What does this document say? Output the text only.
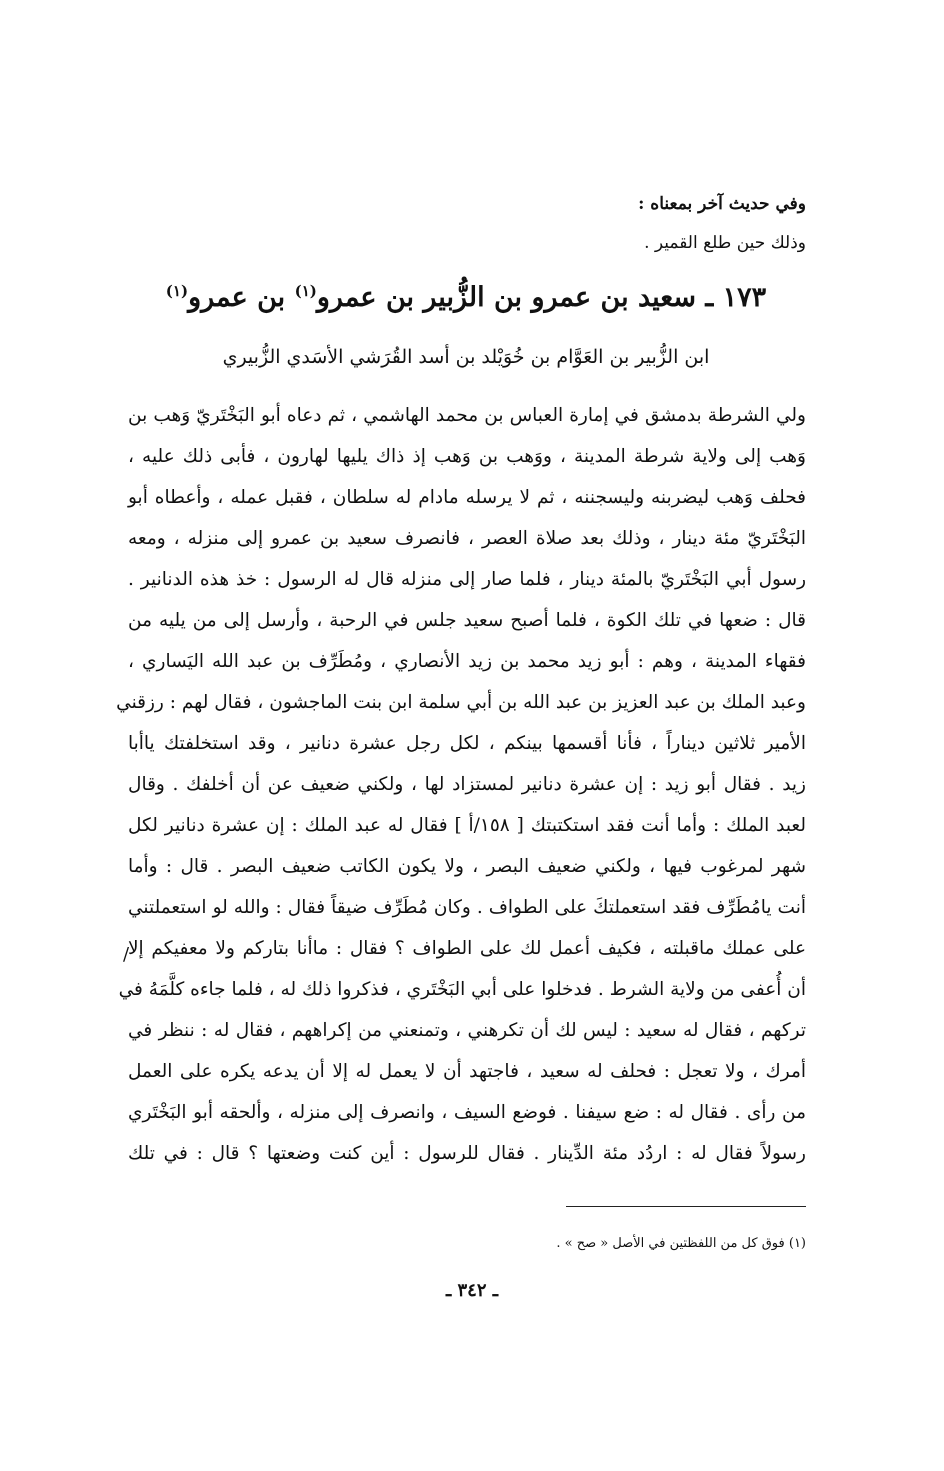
وفي حديث آخر بمعناه :
وذلك حين طلع القمير .
١٧٣ ـ سعيد بن عمرو بن الزُّبير بن عمرو$^{(١)}$ بن عمرو$^{(١)}$
ابن الزُّبير بن العَوَّام بن خُوَيْلد بن أسد القُرَشي الأسَدي الزُّبيري
ولي الشرطة بدمشق في إمارة العباس بن محمد الهاشمي ، ثم دعاه أبو البَخْتَريّ وَهب بن
وَهب إلى ولاية شرطة المدينة ، ووَهب بن وَهب إذ ذاك يليها لهارون ، فأبى ذلك عليه ،
فحلف وَهب ليضربنه وليسجننه ، ثم لا يرسله مادام له سلطان ، فقبل عمله ، وأعطاه أبو
البَخْتَريّ مئة دينار ، وذلك بعد صلاة العصر ، فانصرف سعيد بن عمرو إلى منزله ، ومعه
رسول أبي البَخْتَريّ بالمئة دينار ، فلما صار إلى منزله قال له الرسول : خذ هذه الدنانير .
قال : ضعها في تلك الكوة ، فلما أصبح سعيد جلس في الرحبة ، وأرسل إلى من يليه من
فقهاء المدينة ، وهم : أبو زيد محمد بن زيد الأنصاري ، ومُطَرِّف بن عبد الله اليَساري ،
وعبد الملك بن عبد العزيز بن عبد الله بن أبي سلمة ابن بنت الماجشون ، فقال لهم : رزقني
الأمير ثلاثين ديناراً ، فأنا أقسمها بينكم ، لكل رجل عشرة دنانير ، وقد استخلفتك ياأبا
زيد . فقال أبو زيد : إن عشرة دنانير لمستزاد لها ، ولكني ضعيف عن أن أخلفك . وقال
لعبد الملك : وأما أنت فقد استكتبتك [ ١٥٨/أ ] فقال له عبد الملك : إن عشرة دنانير لكل
شهر لمرغوب فيها ، ولكني ضعيف البصر ، ولا يكون الكاتب ضعيف البصر . قال : وأما
أنت يامُطَرِّف فقد استعملتكَ على الطواف . وكان مُطَرِّف ضيقاً فقال : والله لو استعملتني
على عملك ماقبلته ، فكيف أعمل لك على الطواف ؟ فقال : ماأنا بتاركم ولا معفيكم إلا
أن أُعفى من ولاية الشرط . فدخلوا على أبي البَخْتَري ، فذكروا ذلك له ، فلما جاءه كلَّمَهُ في
تركهم ، فقال له سعيد : ليس لك أن تكرهني ، وتمنعني من إكراههم ، فقال له : ننظر في
أمرك ، ولا تعجل : فحلف له سعيد ، فاجتهد أن لا يعمل له إلا أن يدعه يكره على العمل
من رأى . فقال له : ضع سيفنا . فوضع السيف ، وانصرف إلى منزله ، وألحقه أبو البَخْتَري
رسولاً فقال له : اردُد مئة الدِّينار . فقال للرسول : أين كنت وضعتها ؟ قال : في تلك
/
(١) فوق كل من اللفظتين في الأصل « صح » .
ـ ٣٤٢ ـ
